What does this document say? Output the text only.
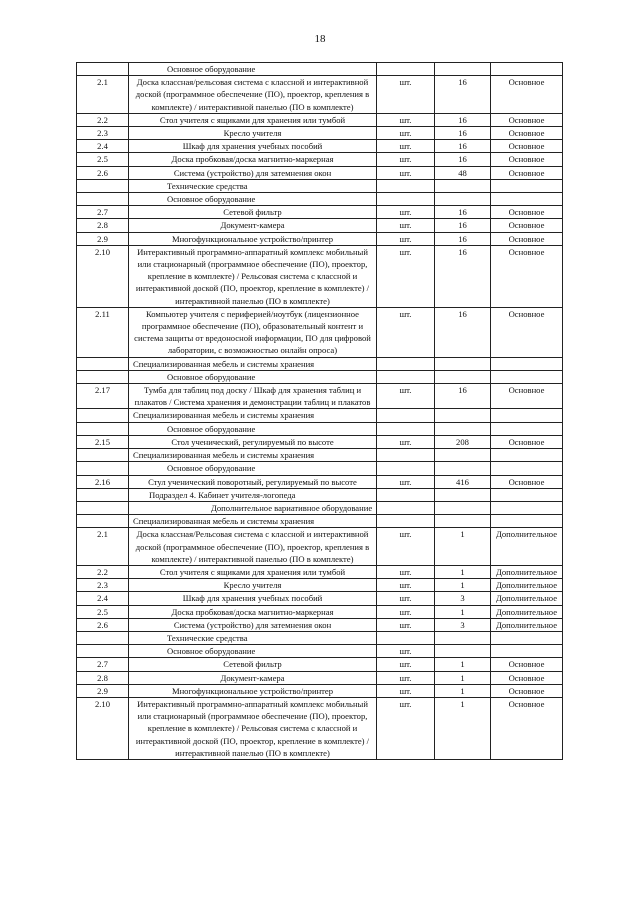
18
	Основное оборудование			
2.1	Доска классная/рельсовая система с классной и интерактивной доской (программное обеспечение (ПО), проектор, крепления в комплекте) / интерактивной панелью (ПО в комплекте)	шт.	16	Основное
2.2	Стол учителя с ящиками для хранения или тумбой	шт.	16	Основное
2.3	Кресло учителя	шт.	16	Основное
2.4	Шкаф для хранения учебных пособий	шт.	16	Основное
2.5	Доска пробковая/доска магнитно-маркерная	шт.	16	Основное
2.6	Система (устройство) для затемнения окон	шт.	48	Основное
	Технические средства			
	Основное оборудование			
2.7	Сетевой фильтр	шт.	16	Основное
2.8	Документ-камера	шт.	16	Основное
2.9	Многофункциональное устройство/принтер	шт.	16	Основное
2.10	Интерактивный программно-аппаратный комплекс мобильный или стационарный (программное обеспечение (ПО), проектор, крепление в комплекте) / Рельсовая система с классной и интерактивной доской (ПО, проектор, крепление в комплекте) / интерактивной панелью (ПО в комплекте)	шт.	16	Основное
2.11	Компьютер учителя с периферией/ноутбук (лицензионное программное обеспечение (ПО), образовательный контент и система защиты от вредоносной информации, ПО для цифровой лаборатории, с возможностью онлайн опроса)	шт.	16	Основное
	Специализированная мебель и системы хранения			
	Основное оборудование			
2.17	Тумба для таблиц под доску / Шкаф для хранения таблиц и плакатов / Система хранения и демонстрации таблиц и плакатов	шт.	16	Основное
	Специализированная мебель и системы хранения			
	Основное оборудование			
2.15	Стол ученический, регулируемый по высоте	шт.	208	Основное
	Специализированная мебель и системы хранения			
	Основное оборудование			
2.16	Стул ученический поворотный, регулируемый по высоте	шт.	416	Основное
	Подраздел 4. Кабинет учителя-логопеда			
	Дополнительное вариативное оборудование			
	Специализированная мебель и системы хранения			
2.1	Доска классная/Рельсовая система с классной и интерактивной доской (программное обеспечение (ПО), проектор, крепления в комплекте) / интерактивной панелью (ПО в комплекте)	шт.	1	Дополнительное
2.2	Стол учителя с ящиками для хранения или тумбой	шт.	1	Дополнительное
2.3	Кресло учителя	шт.	1	Дополнительное
2.4	Шкаф для хранения учебных пособий	шт.	3	Дополнительное
2.5	Доска пробковая/доска магнитно-маркерная	шт.	1	Дополнительное
2.6	Система (устройство) для затемнения окон	шт.	3	Дополнительное
	Технические средства			
	Основное оборудование	шт.		
2.7	Сетевой фильтр	шт.	1	Основное
2.8	Документ-камера	шт.	1	Основное
2.9	Многофункциональное устройство/принтер	шт.	1	Основное
2.10	Интерактивный программно-аппаратный комплекс мобильный или стационарный (программное обеспечение (ПО), проектор, крепление в комплекте) / Рельсовая система с классной и интерактивной доской (ПО, проектор, крепление в комплекте) / интерактивной панелью (ПО в комплекте)	шт.	1	Основное
